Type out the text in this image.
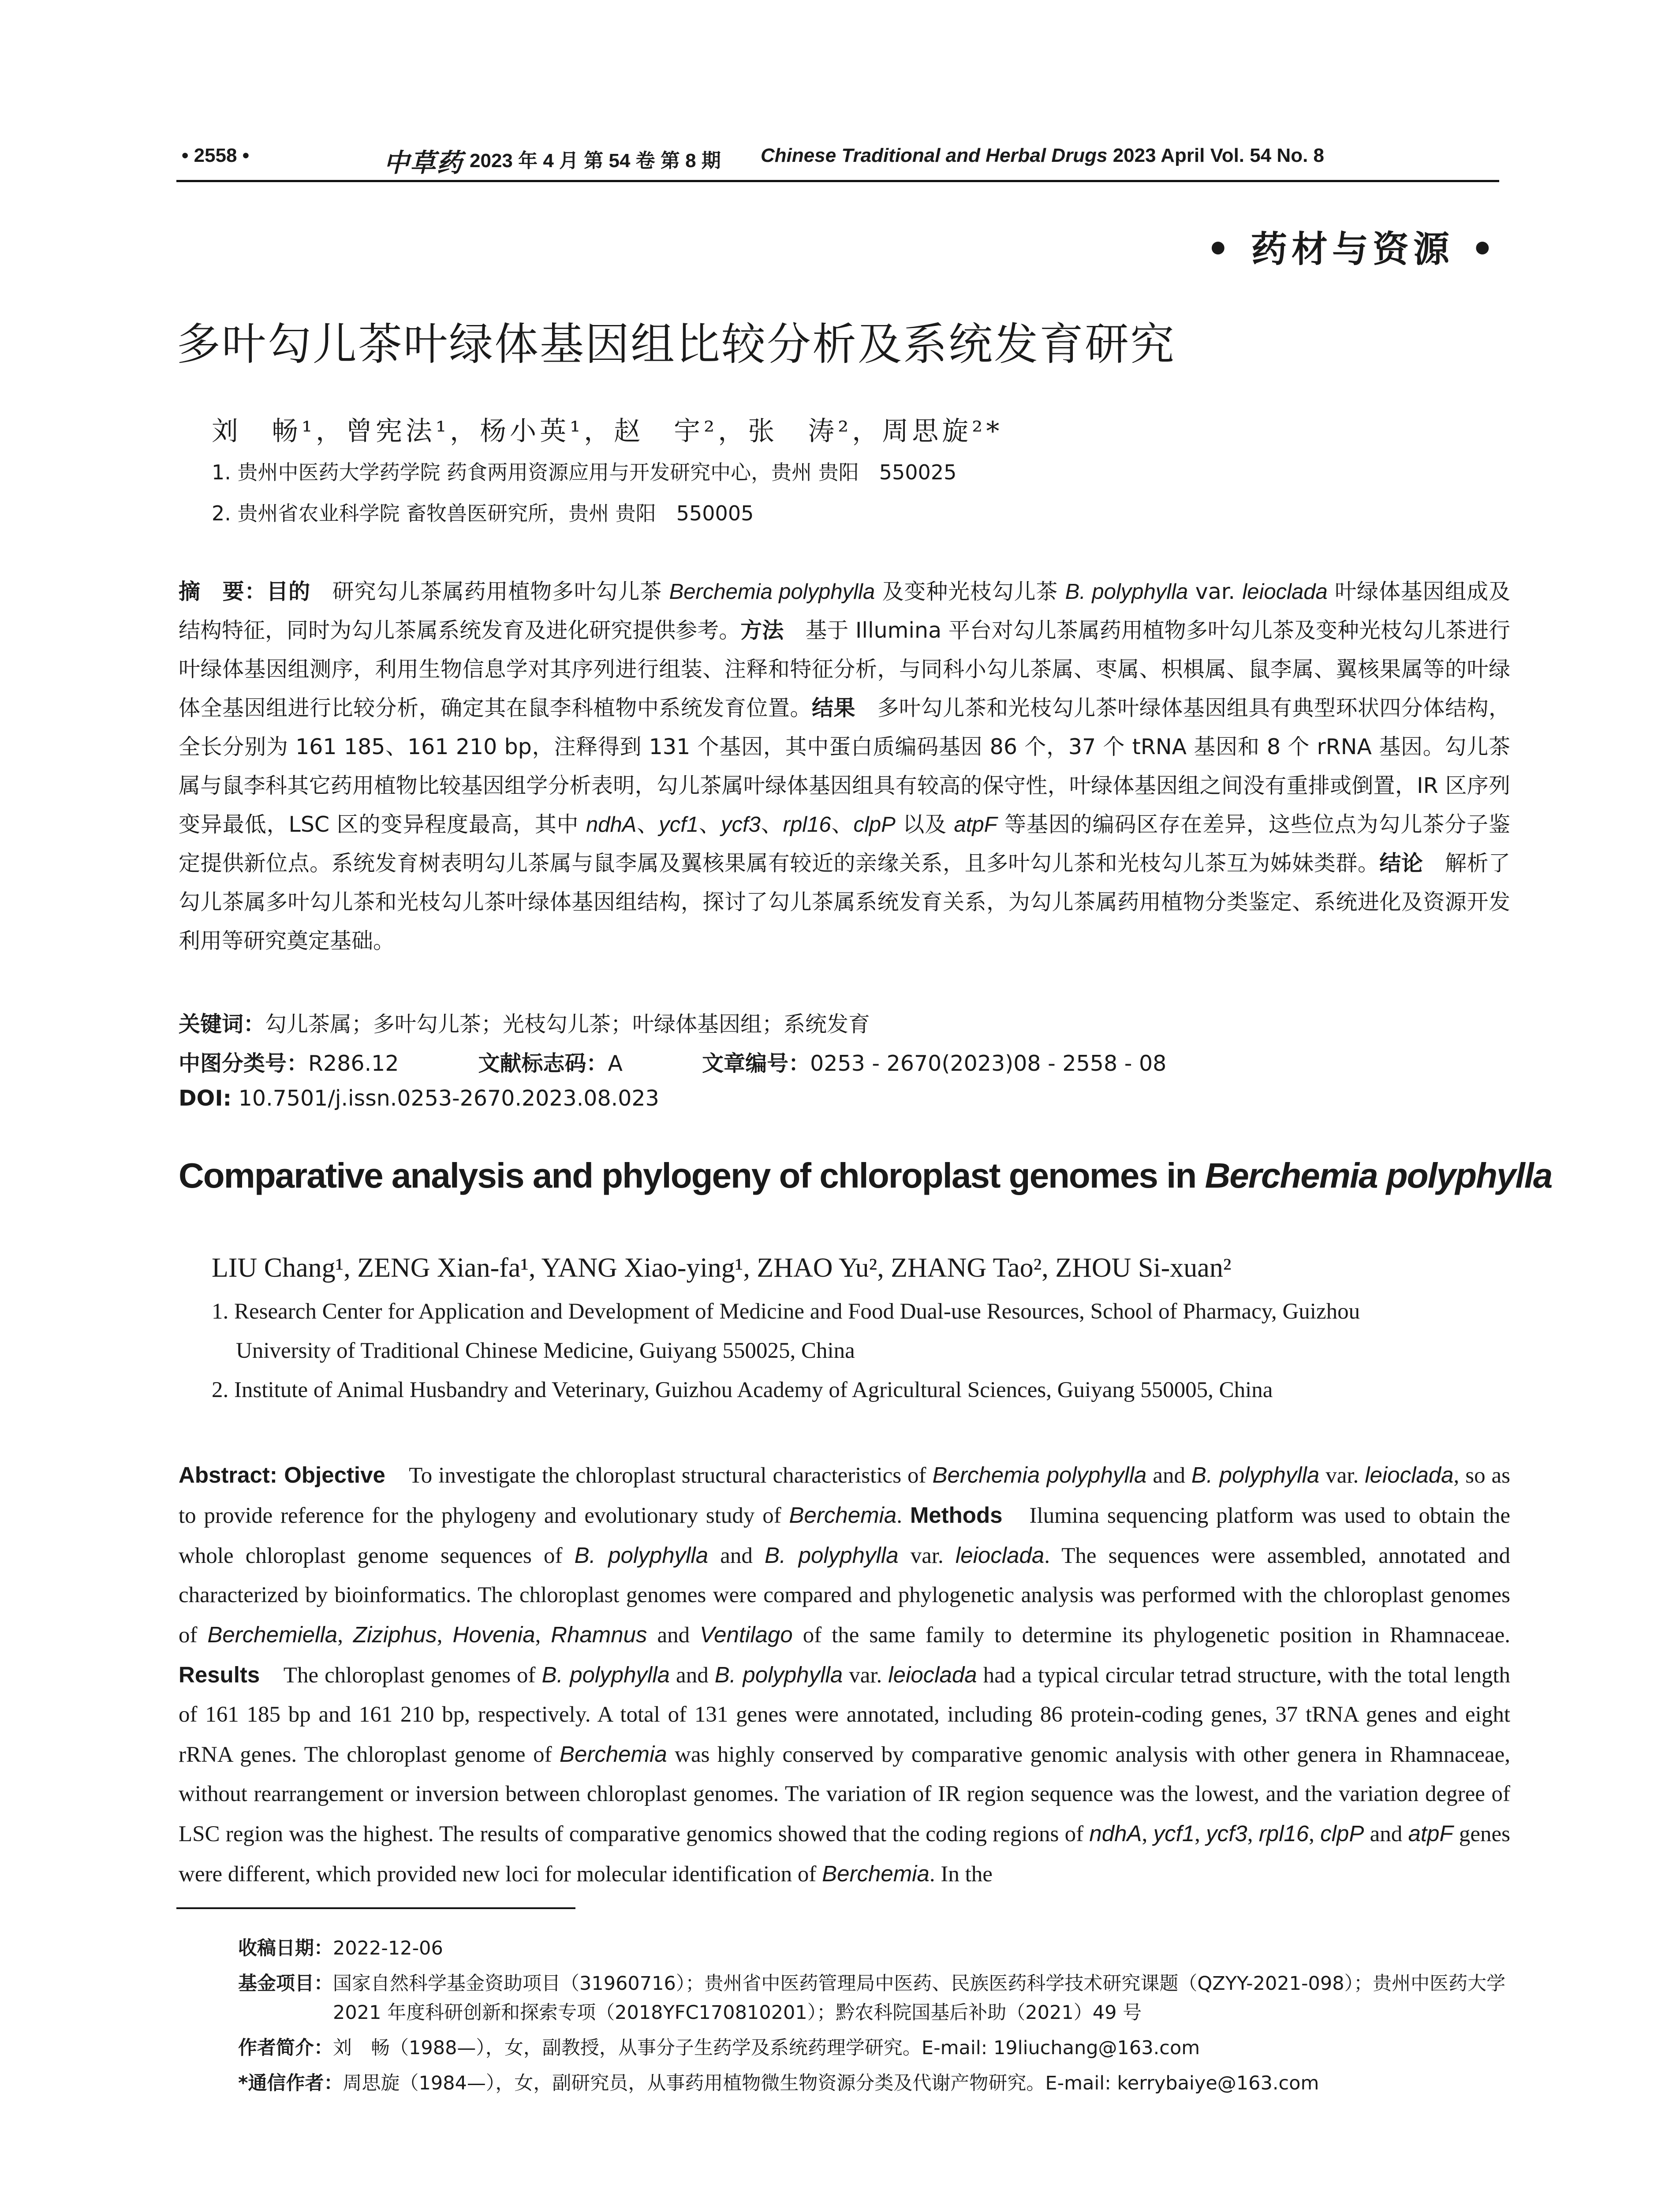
• 2558 •	中草药 2023 年 4 月 第 54 卷 第 8 期 Chinese Traditional and Herbal Drugs 2023 April Vol. 54 No. 8
• 药材与资源 •
多叶勾儿茶叶绿体基因组比较分析及系统发育研究
刘　畅¹，曾宪法¹，杨小英¹，赵　宇²，张　涛²，周思旋²*
1. 贵州中医药大学药学院 药食两用资源应用与开发研究中心，贵州 贵阳　550025
2. 贵州省农业科学院 畜牧兽医研究所，贵州 贵阳　550005
摘　要：目的　研究勾儿茶属药用植物多叶勾儿茶 Berchemia polyphylla 及变种光枝勾儿茶 B. polyphylla var. leioclada 叶绿体基因组成及结构特征，同时为勾儿茶属系统发育及进化研究提供参考。方法　基于 Illumina 平台对勾儿茶属药用植物多叶勾儿茶及变种光枝勾儿茶进行叶绿体基因组测序，利用生物信息学对其序列进行组装、注释和特征分析，与同科小勾儿茶属、枣属、枳椇属、鼠李属、翼核果属等的叶绿体全基因组进行比较分析，确定其在鼠李科植物中系统发育位置。结果　多叶勾儿茶和光枝勾儿茶叶绿体基因组具有典型环状四分体结构，全长分别为 161 185、161 210 bp，注释得到 131 个基因，其中蛋白质编码基因 86 个，37 个 tRNA 基因和 8 个 rRNA 基因。勾儿茶属与鼠李科其它药用植物比较基因组学分析表明，勾儿茶属叶绿体基因组具有较高的保守性，叶绿体基因组之间没有重排或倒置，IR 区序列变异最低，LSC 区的变异程度最高，其中 ndhA、ycf1、ycf3、rpl16、clpP 以及 atpF 等基因的编码区存在差异，这些位点为勾儿茶分子鉴定提供新位点。系统发育树表明勾儿茶属与鼠李属及翼核果属有较近的亲缘关系，且多叶勾儿茶和光枝勾儿茶互为姊妹类群。结论　解析了勾儿茶属多叶勾儿茶和光枝勾儿茶叶绿体基因组结构，探讨了勾儿茶属系统发育关系，为勾儿茶属药用植物分类鉴定、系统进化及资源开发利用等研究奠定基础。
关键词：勾儿茶属；多叶勾儿茶；光枝勾儿茶；叶绿体基因组；系统发育
中图分类号：R286.12	文献标志码：A	文章编号：0253 - 2670(2023)08 - 2558 - 08
DOI: 10.7501/j.issn.0253-2670.2023.08.023
Comparative analysis and phylogeny of chloroplast genomes in Berchemia polyphylla
LIU Chang¹, ZENG Xian-fa¹, YANG Xiao-ying¹, ZHAO Yu², ZHANG Tao², ZHOU Si-xuan²
1. Research Center for Application and Development of Medicine and Food Dual-use Resources, School of Pharmacy, Guizhou
University of Traditional Chinese Medicine, Guiyang 550025, China
2. Institute of Animal Husbandry and Veterinary, Guizhou Academy of Agricultural Sciences, Guiyang 550005, China
Abstract: Objective　To investigate the chloroplast structural characteristics of Berchemia polyphylla and B. polyphylla var. leioclada, so as to provide reference for the phylogeny and evolutionary study of Berchemia. Methods　Ilumina sequencing platform was used to obtain the whole chloroplast genome sequences of B. polyphylla and B. polyphylla var. leioclada. The sequences were assembled, annotated and characterized by bioinformatics. The chloroplast genomes were compared and phylogenetic analysis was performed with the chloroplast genomes of Berchemiella, Ziziphus, Hovenia, Rhamnus and Ventilago of the same family to determine its phylogenetic position in Rhamnaceae. Results　The chloroplast genomes of B. polyphylla and B. polyphylla var. leioclada had a typical circular tetrad structure, with the total length of 161 185 bp and 161 210 bp, respectively. A total of 131 genes were annotated, including 86 protein-coding genes, 37 tRNA genes and eight rRNA genes. The chloroplast genome of Berchemia was highly conserved by comparative genomic analysis with other genera in Rhamnaceae, without rearrangement or inversion between chloroplast genomes. The variation of IR region sequence was the lowest, and the variation degree of LSC region was the highest. The results of comparative genomics showed that the coding regions of ndhA, ycf1, ycf3, rpl16, clpP and atpF genes were different, which provided new loci for molecular identification of Berchemia. In the
收稿日期：2022-12-06
基金项目： 国家自然科学基金资助项目（31960716）；贵州省中医药管理局中医药、民族医药科学技术研究课题（QZYY-2021-098）；贵州中医药大学 2021 年度科研创新和探索专项（2018YFC170810201）；黔农科院国基后补助（2021）49 号
作者简介：刘　畅（1988—），女，副教授，从事分子生药学及系统药理学研究。E-mail: 19liuchang@163.com
*通信作者：周思旋（1984—），女，副研究员，从事药用植物微生物资源分类及代谢产物研究。E-mail: kerrybaiye@163.com
